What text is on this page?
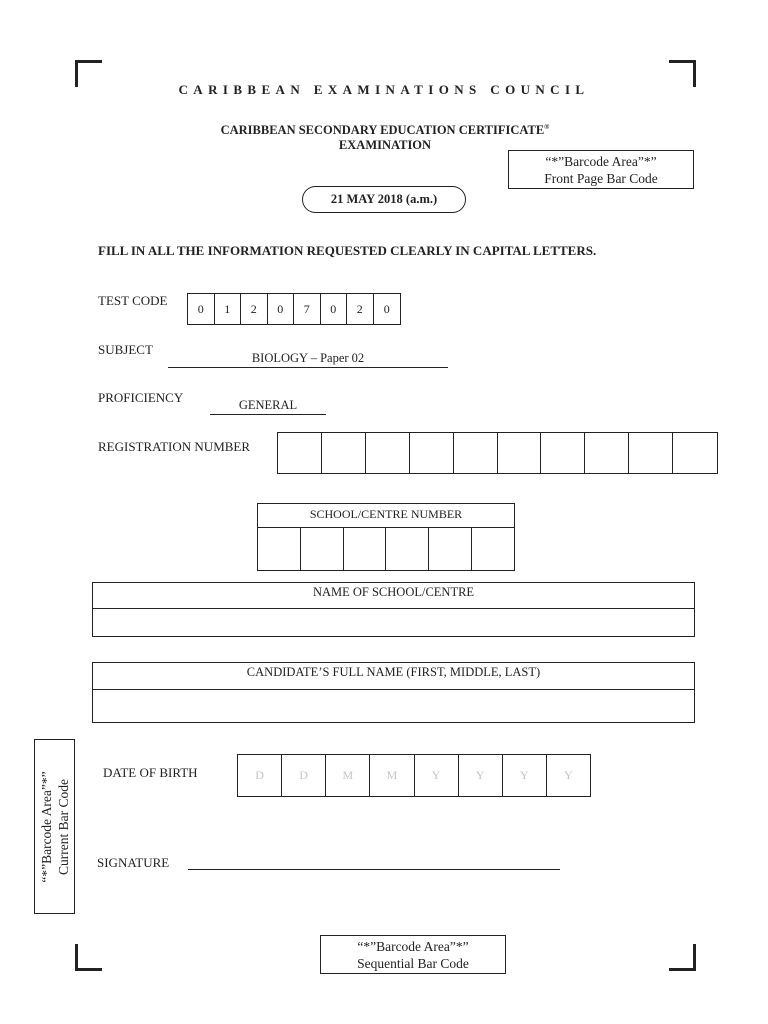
CARIBBEAN EXAMINATIONS COUNCIL
CARIBBEAN SECONDARY EDUCATION CERTIFICATE®
EXAMINATION
“*”Barcode Area”*”
Front Page Bar Code
21 MAY 2018 (a.m.)
FILL IN ALL THE INFORMATION REQUESTED CLEARLY IN CAPITAL LETTERS.
TEST CODE
0	1	2	0	7	0	2	0
SUBJECT
BIOLOGY – Paper 02
PROFICIENCY	GENERAL
REGISTRATION NUMBER
SCHOOL/CENTRE NUMBER
NAME OF SCHOOL/CENTRE
CANDIDATE’S FULL NAME (FIRST, MIDDLE, LAST)
“*”Barcode Area”*” Current Bar Code
DATE OF BIRTH	D	D	M	M	Y	Y	Y	Y
SIGNATURE
“*”Barcode Area”*”
Sequential Bar Code
